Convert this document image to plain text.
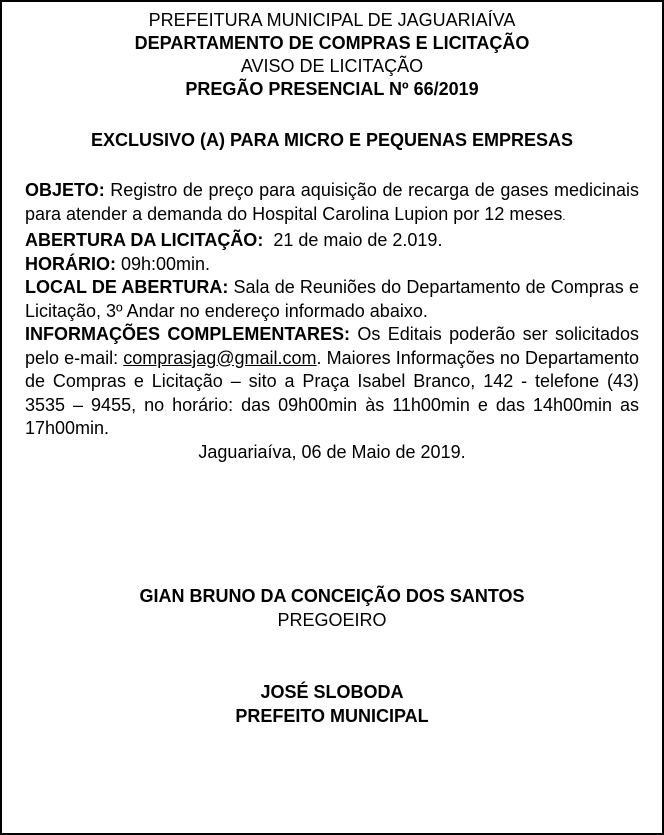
PREFEITURA MUNICIPAL DE JAGUARIAÍVA
DEPARTAMENTO DE COMPRAS E LICITAÇÃO
AVISO DE LICITAÇÃO
PREGÃO PRESENCIAL Nº 66/2019
EXCLUSIVO (A) PARA MICRO E PEQUENAS EMPRESAS

OBJETO: Registro de preço para aquisição de recarga de gases medicinais para atender a demanda do Hospital Carolina Lupion por 12 meses.

ABERTURA DA LICITAÇÃO:  21 de maio de 2.019.

HORÁRIO: 09h:00min.

LOCAL DE ABERTURA: Sala de Reuniões do Departamento de Compras e Licitação, 3º Andar no endereço informado abaixo.

INFORMAÇÕES COMPLEMENTARES: Os Editais poderão ser solicitados pelo e-mail: comprasjag@gmail.com. Maiores Informações no Departamento de Compras e Licitação – sito a Praça Isabel Branco, 142 - telefone (43) 3535 – 9455, no horário: das 09h00min às 11h00min e das 14h00min as 17h00min.

Jaguariaíva, 06 de Maio de 2019.

GIAN BRUNO DA CONCEIÇÃO DOS SANTOS
PREGOEIRO
JOSÉ SLOBODA
PREFEITO MUNICIPAL
